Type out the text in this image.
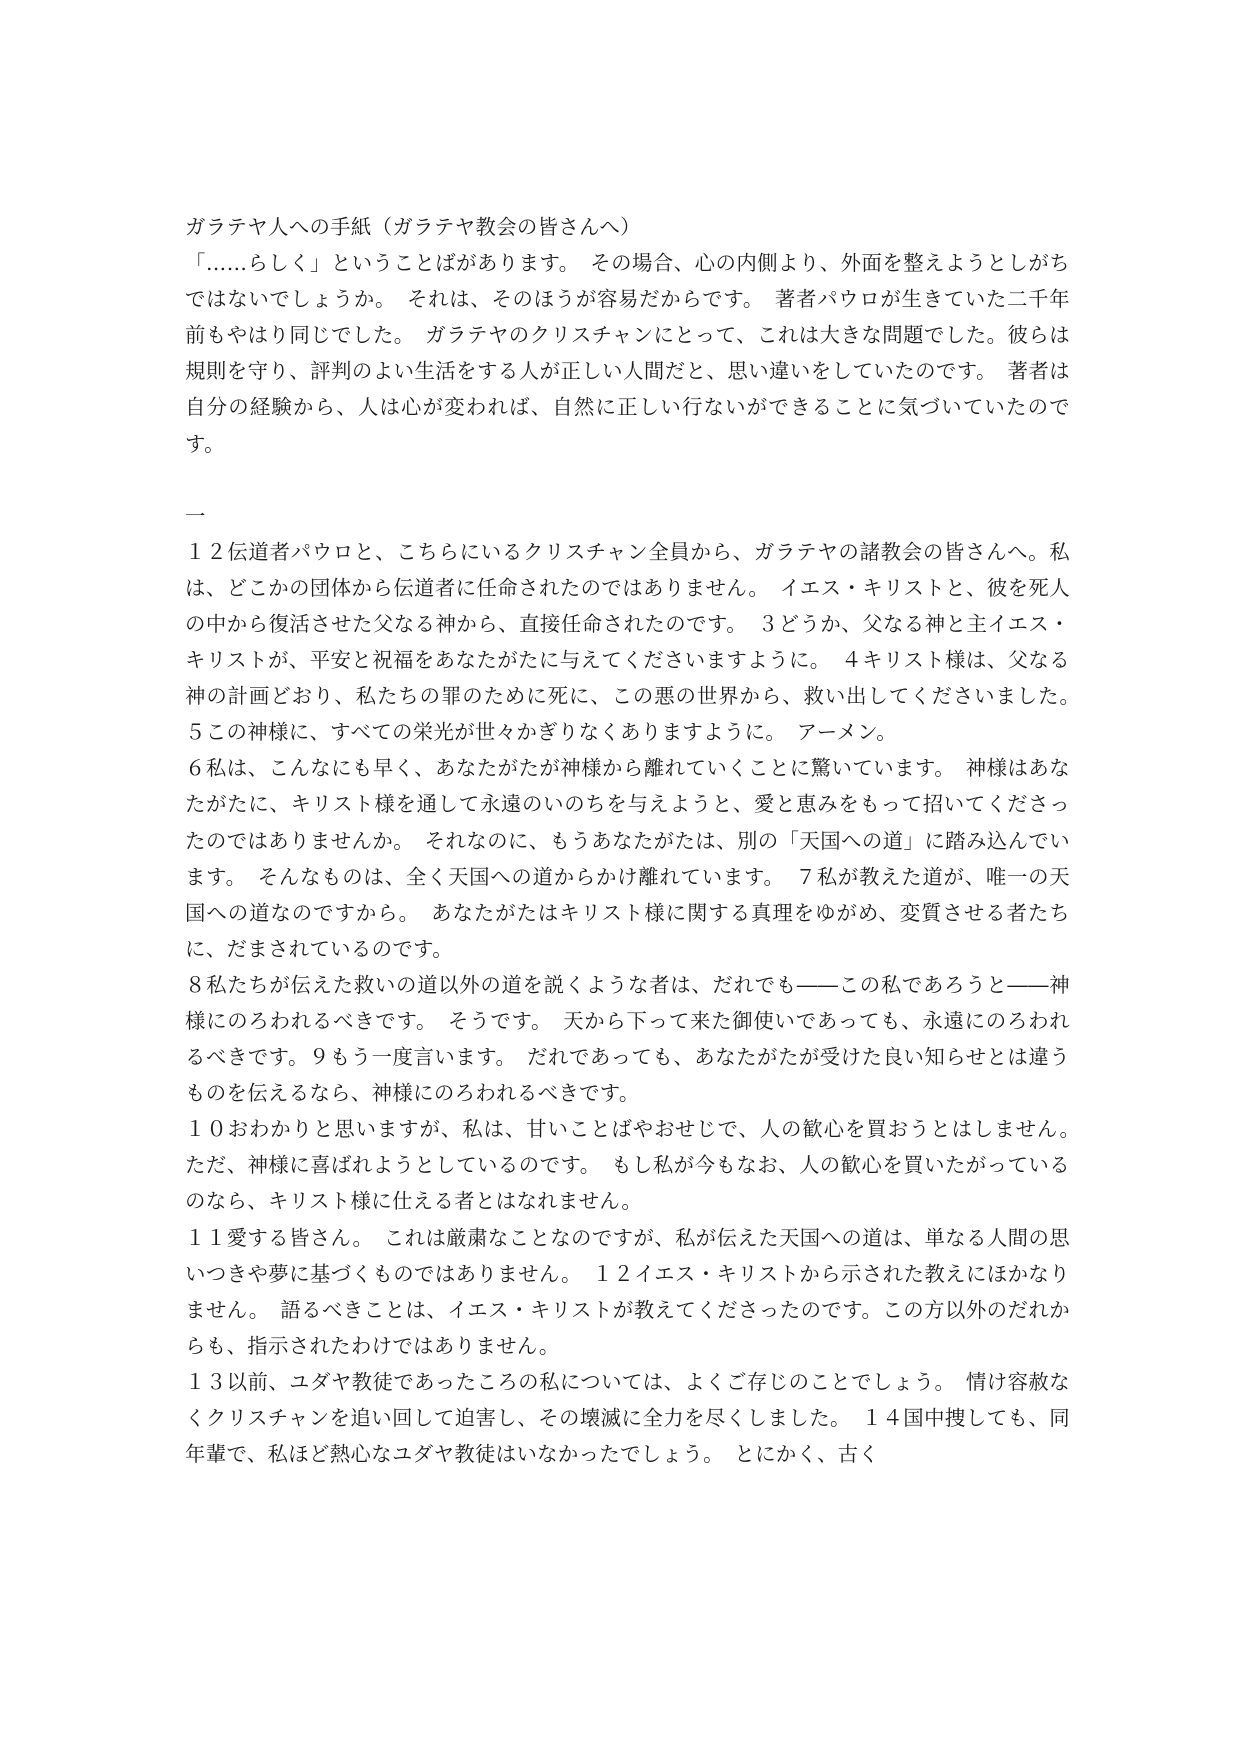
ガラテヤ人への手紙（ガラテヤ教会の皆さんへ）

「……らしく」ということばがあります。　その場合、心の内側より、外面を整えようとしがちではないでしょうか。　それは、そのほうが容易だからです。　著者パウロが生きていた二千年前もやはり同じでした。　ガラテヤのクリスチャンにとって、これは大きな問題でした。彼らは規則を守り、評判のよい生活をする人が正しい人間だと、思い違いをしていたのです。　著者は自分の経験から、人は心が変われば、自然に正しい行ないができることに気づいていたのです。

一

１２伝道者パウロと、こちらにいるクリスチャン全員から、ガラテヤの諸教会の皆さんへ。私は、どこかの団体から伝道者に任命されたのではありません。　イエス・キリストと、彼を死人の中から復活させた父なる神から、直接任命されたのです。　３どうか、父なる神と主イエス・キリストが、平安と祝福をあなたがたに与えてくださいますように。　４キリスト様は、父なる神の計画どおり、私たちの罪のために死に、この悪の世界から、救い出してくださいました。　５この神様に、すべての栄光が世々かぎりなくありますように。　アーメン。

６私は、こんなにも早く、あなたがたが神様から離れていくことに驚いています。　神様はあなたがたに、キリスト様を通して永遠のいのちを与えようと、愛と恵みをもって招いてくださったのではありませんか。　それなのに、もうあなたがたは、別の「天国への道」に踏み込んでいます。　そんなものは、全く天国への道からかけ離れています。　７私が教えた道が、唯一の天国への道なのですから。　あなたがたはキリスト様に関する真理をゆがめ、変質させる者たちに、だまされているのです。

８私たちが伝えた救いの道以外の道を説くような者は、だれでも――この私であろうと――神様にのろわれるべきです。　そうです。　天から下って来た御使いであっても、永遠にのろわれるべきです。９もう一度言います。　だれであっても、あなたがたが受けた良い知らせとは違うものを伝えるなら、神様にのろわれるべきです。

１０おわかりと思いますが、私は、甘いことばやおせじで、人の歓心を買おうとはしません。　ただ、神様に喜ばれようとしているのです。　もし私が今もなお、人の歓心を買いたがっているのなら、キリスト様に仕える者とはなれません。

１１愛する皆さん。　これは厳粛なことなのですが、私が伝えた天国への道は、単なる人間の思いつきや夢に基づくものではありません。　１２イエス・キリストから示された教えにほかなりません。　語るべきことは、イエス・キリストが教えてくださったのです。この方以外のだれからも、指示されたわけではありません。

１３以前、ユダヤ教徒であったころの私については、よくご存じのことでしょう。　情け容赦なくクリスチャンを追い回して迫害し、その壊滅に全力を尽くしました。　１４国中捜しても、同年輩で、私ほど熱心なユダヤ教徒はいなかったでしょう。　とにかく、古く
